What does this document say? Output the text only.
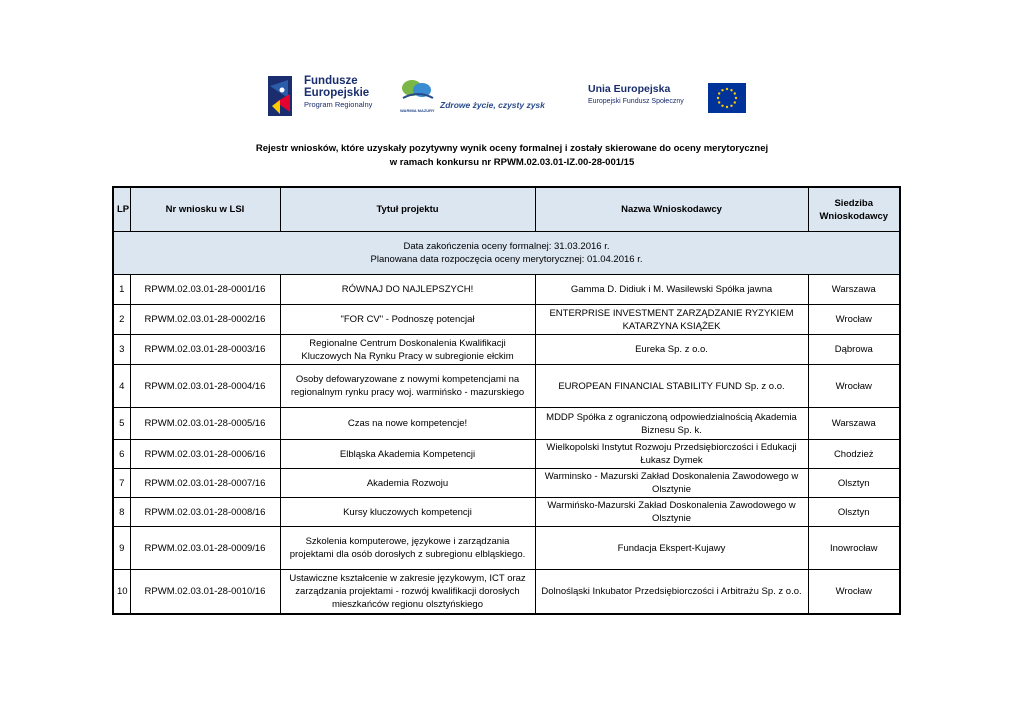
Fundusze
Europejskie
Program Regionalny
WARMIA MAZURY
Zdrowe życie, czysty zysk
Unia Europejska
Europejski Fundusz Społeczny
Rejestr wniosków, które uzyskały pozytywny wynik oceny formalnej i zostały skierowane do oceny merytorycznej
w ramach konkursu nr RPWM.02.03.01-IZ.00-28-001/15
LP	Nr wniosku w LSI	Tytuł projektu	Nazwa Wnioskodawcy	Siedziba Wnioskodawcy

Data zakończenia oceny formalnej: 31.03.2016 r.
Planowana data rozpoczęcia oceny merytorycznej: 01.04.2016 r.				

1	RPWM.02.03.01-28-0001/16	RÓWNAJ DO NAJLEPSZYCH!	Gamma D. Didiuk i M. Wasilewski Spółka jawna	Warszawa
2	RPWM.02.03.01-28-0002/16	"FOR CV" - Podnoszę potencjał	ENTERPRISE INVESTMENT ZARZĄDZANIE RYZYKIEM KATARZYNA KSIĄŻEK	Wrocław
3	RPWM.02.03.01-28-0003/16	Regionalne Centrum Doskonalenia Kwalifikacji Kluczowych Na Rynku Pracy w subregionie ełckim	Eureka Sp. z o.o.	Dąbrowa
4	RPWM.02.03.01-28-0004/16	Osoby defowaryzowane z nowymi kompetencjami na regionalnym rynku pracy woj. warmińsko - mazurskiego	EUROPEAN FINANCIAL STABILITY FUND Sp. z o.o.	Wrocław
5	RPWM.02.03.01-28-0005/16	Czas na nowe kompetencje!	MDDP Spółka z ograniczoną odpowiedzialnością Akademia Biznesu Sp. k.	Warszawa
6	RPWM.02.03.01-28-0006/16	Elbląska Akademia Kompetencji	Wielkopolski Instytut Rozwoju Przedsiębiorczości i Edukacji Łukasz Dymek	Chodzież
7	RPWM.02.03.01-28-0007/16	Akademia Rozwoju	Warminsko - Mazurski Zakład Doskonalenia Zawodowego w Olsztynie	Olsztyn
8	RPWM.02.03.01-28-0008/16	Kursy kluczowych kompetencji	Warmińsko-Mazurski Zakład Doskonalenia Zawodowego w Olsztynie	Olsztyn
9	RPWM.02.03.01-28-0009/16	Szkolenia komputerowe, językowe i zarządzania projektami dla osób dorosłych z subregionu elbląskiego.	Fundacja Ekspert-Kujawy	Inowrocław
10	RPWM.02.03.01-28-0010/16	Ustawiczne kształcenie w zakresie językowym, ICT oraz zarządzania projektami - rozwój kwalifikacji dorosłych mieszkańców regionu olsztyńskiego	Dolnośląski Inkubator Przedsiębiorczości i Arbitrażu Sp. z o.o.	Wrocław
